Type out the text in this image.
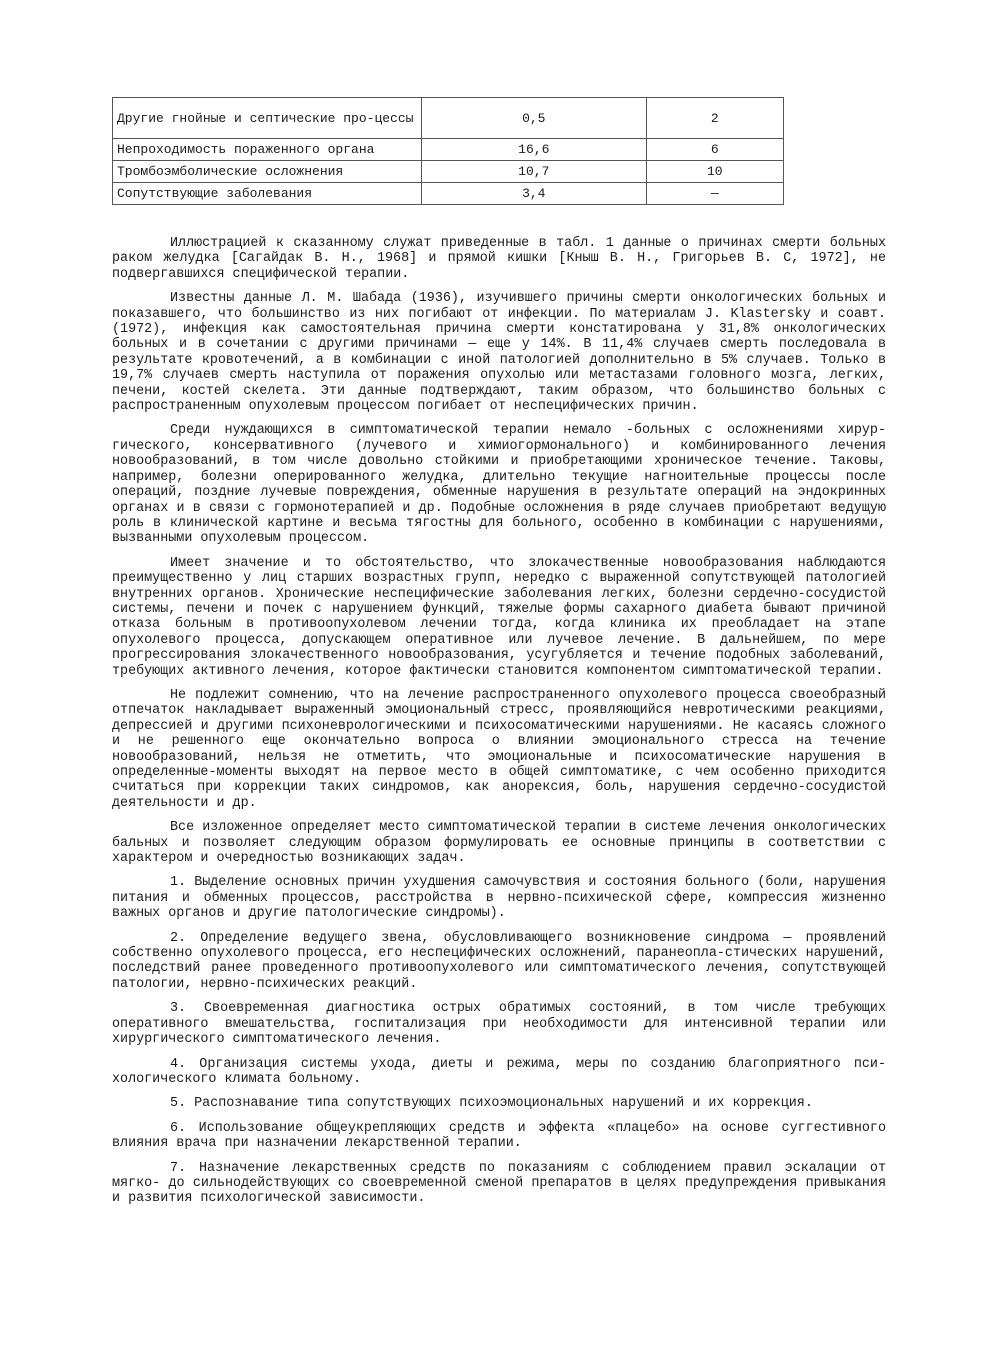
Другие гнойные и септические про-цессы	0,5	2
Непроходимость пораженного органа	16,6	6
Тромбоэмболические осложнения	10,7	10
Сопутствующие заболевания	3,4	—

Иллюстрацией к сказанному служат приведенные в табл. 1 данные о причинах смерти больных раком желудка [Сагайдак В. Н., 1968] и прямой кишки [Кныш В. Н., Григорьев В. С, 1972], не подвергавшихся специфической терапии.

Известны данные Л. М. Шабада (1936), изучившего причины смерти онкологических больных и показавшего, что большинство из них погибают от инфекции. По материалам J. Klastersky и соавт. (1972), инфекция как самостоятельная причина смерти констатирована у 31,8% онкологических больных и в сочетании с другими причинами — еще у 14%. В 11,4% случаев смерть последовала в результате кровотечений, а в комбинации с иной патологией дополнительно в 5% случаев. Только в 19,7% случаев смерть наступила от поражения опухолью или метастазами головного мозга, легких, печени, костей скелета. Эти данные подтверждают, таким образом, что большинство больных с распространенным опухолевым процессом погибает от неспецифических причин.

Среди нуждающихся в симптоматической терапии немало ‑больных с осложнениями хирургического, консервативного (лучевого и химиогормонального) и комбинированного лечения новообразований, в том числе довольно стойкими и приобретающими хроническое течение. Таковы, например, болезни оперированного желудка, длительно текущие нагноительные процессы после операций, поздние лучевые повреждения, обменные нарушения в результате операций на эндокринных органах и в связи с гормонотерапией и др. Подобные осложнения в ряде случаев приобретают ведущую роль в клинической картине и весьма тягостны для больного, особенно в комбинации с нарушениями, вызванными опухолевым процессом.

Имеет значение и то обстоятельство, что злокачественные новообразования наблюдаются преимущественно у лиц старших возрастных групп, нередко с выраженной сопутствующей патологией внутренних органов. Хронические неспецифические заболевания легких, болезни сердечно-сосудистой системы, печени и почек с нарушением функций, тяжелые формы сахарного диабета бывают причиной отказа больным в противоопухолевом лечении тогда, когда клиника их преобладает на этапе опухолевого процесса, допускающем оперативное или лучевое лечение. В дальнейшем, по мере прогрессирования злокачественного новообразования, усугубляется и течение подобных заболеваний, требующих активного лечения, которое фактически становится компонентом симптоматической терапии.

Не подлежит сомнению, что на лечение распространенного опухолевого процесса своеобразный отпечаток накладывает выраженный эмоциональный стресс, проявляющийся невротическими реакциями, депрессией и другими психоневрологическими и психосоматическими нарушениями. Не касаясь сложного и не решенного еще окончательно вопроса о влиянии эмоционального стресса на течение новообразований, нельзя не отметить, что эмоциональные и психосоматические нарушения в определенные‑моменты выходят на первое место в общей симптоматике, с чем особенно приходится считаться при коррекции таких синдромов, как анорексия, боль, нарушения сердечно-сосудистой деятельности и др.

Все изложенное определяет место симптоматической терапии в системе лечения онкологических бальных и позволяет следующим образом формулировать ее основные принципы в соответствии с характером и очередностью возникающих задач.

1. Выделение основных причин ухудшения самочувствия и состояния больного (боли, нарушения питания и обменных процессов, расстройства в нервно-психической сфере, компрессия жизненно важных органов и другие патологические синдромы).

2. Определение ведущего звена, обусловливающего возникновение синдрома — проявлений собственно опухолевого процесса, его неспецифических осложнений, паранеопла-стических нарушений, последствий ранее проведенного противоопухолевого или симптоматического лечения, сопутствующей патологии, нервно-психических реакций.

3. Своевременная диагностика острых обратимых состояний, в том числе требующих оперативного вмешательства, госпитализация при необходимости для интенсивной терапии или хирургического симптоматического лечения.

4. Организация системы ухода, диеты и режима, меры по созданию благоприятного психологического климата больному.

5. Распознавание типа сопутствующих психоэмоциональных нарушений и их коррекция.

6. Использование общеукрепляющих средств и эффекта «плацебо» на основе суггестивного влияния врача при назначении лекарственной терапии.

7. Назначение лекарственных средств по показаниям с соблюдением правил эскалации от мягко- до сильнодействующих со своевременной сменой препаратов в целях предупреждения привыкания и развития психологической зависимости.
